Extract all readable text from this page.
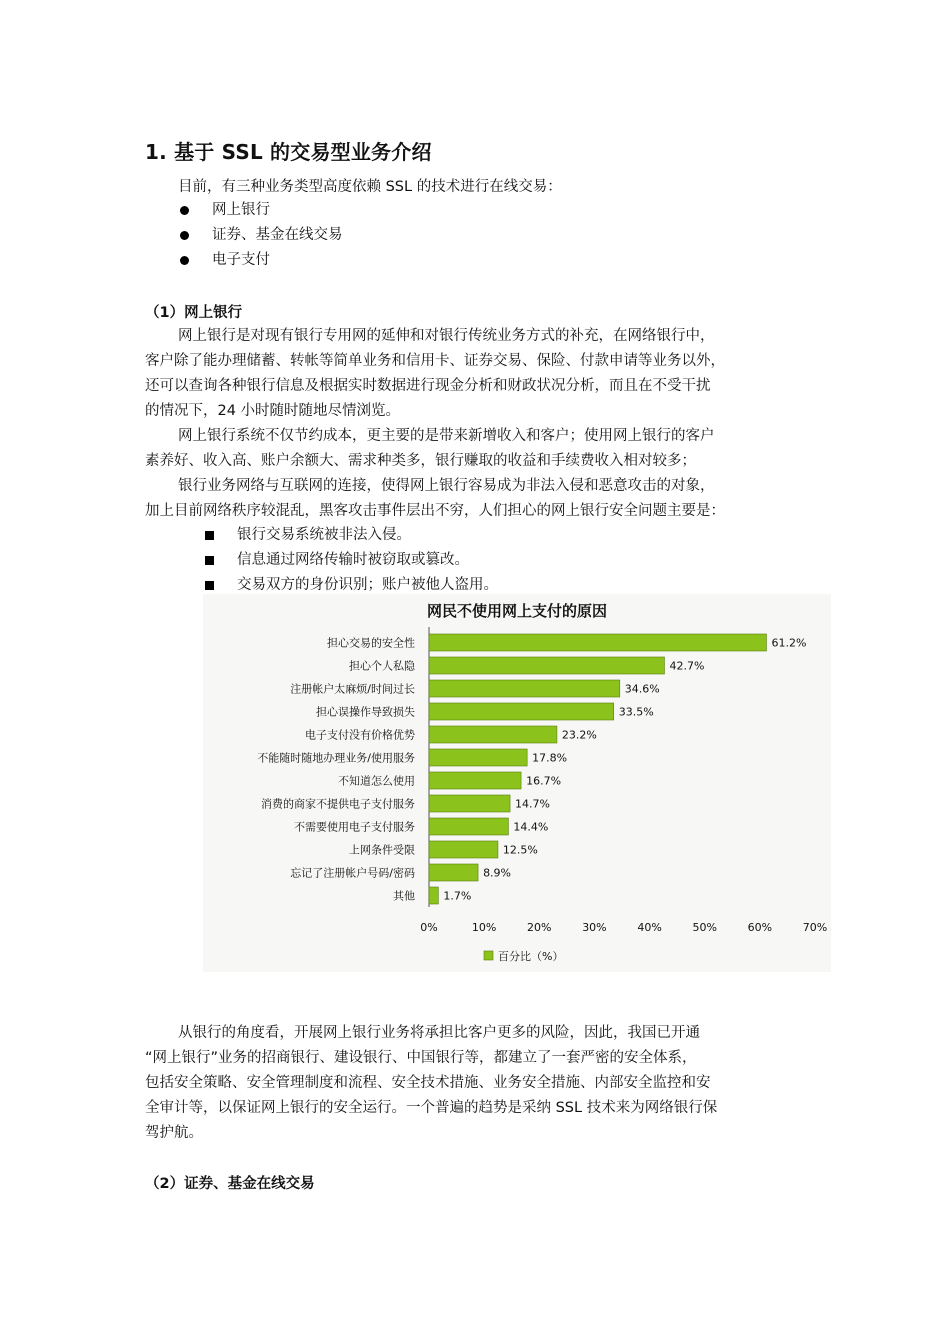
1. 基于 SSL 的交易型业务介绍

目前，有三种业务类型高度依赖 SSL 的技术进行在线交易：

网上银行
证券、基金在线交易
电子支付

（1）网上银行

网上银行是对现有银行专用网的延伸和对银行传统业务方式的补充，在网络银行中，
客户除了能办理储蓄、转帐等简单业务和信用卡、证券交易、保险、付款申请等业务以外，
还可以查询各种银行信息及根据实时数据进行现金分析和财政状况分析，而且在不受干扰
的情况下，24 小时随时随地尽情浏览。
网上银行系统不仅节约成本，更主要的是带来新增收入和客户；使用网上银行的客户
素养好、收入高、账户余额大、需求种类多，银行赚取的收益和手续费收入相对较多；
银行业务网络与互联网的连接，使得网上银行容易成为非法入侵和恶意攻击的对象，
加上目前网络秩序较混乱，黑客攻击事件层出不穷，人们担心的网上银行安全问题主要是：
银行交易系统被非法入侵。
信息通过网络传输时被窃取或篡改。
交易双方的身份识别；账户被他人盗用。
网民不使用网上支付的原因
担心交易的安全性	61.2%
担心个人私隐	42.7%
注册帐户太麻烦/时间过长	34.6%
担心误操作导致损失	33.5%
电子支付没有价格优势	23.2%
不能随时随地办理业务/使用服务	17.8%
不知道怎么使用	16.7%
消费的商家不提供电子支付服务	14.7%
不需要使用电子支付服务	14.4%
上网条件受限	12.5%
忘记了注册帐户号码/密码	8.9%
其他	1.7%
0%	10%	20%	30%	40%	50%	60%	70%
百分比（%）
从银行的角度看，开展网上银行业务将承担比客户更多的风险，因此，我国已开通
“网上银行”业务的招商银行、建设银行、中国银行等，都建立了一套严密的安全体系，
包括安全策略、安全管理制度和流程、安全技术措施、业务安全措施、内部安全监控和安
全审计等，以保证网上银行的安全运行。一个普遍的趋势是采纳 SSL 技术来为网络银行保
驾护航。

（2）证券、基金在线交易
